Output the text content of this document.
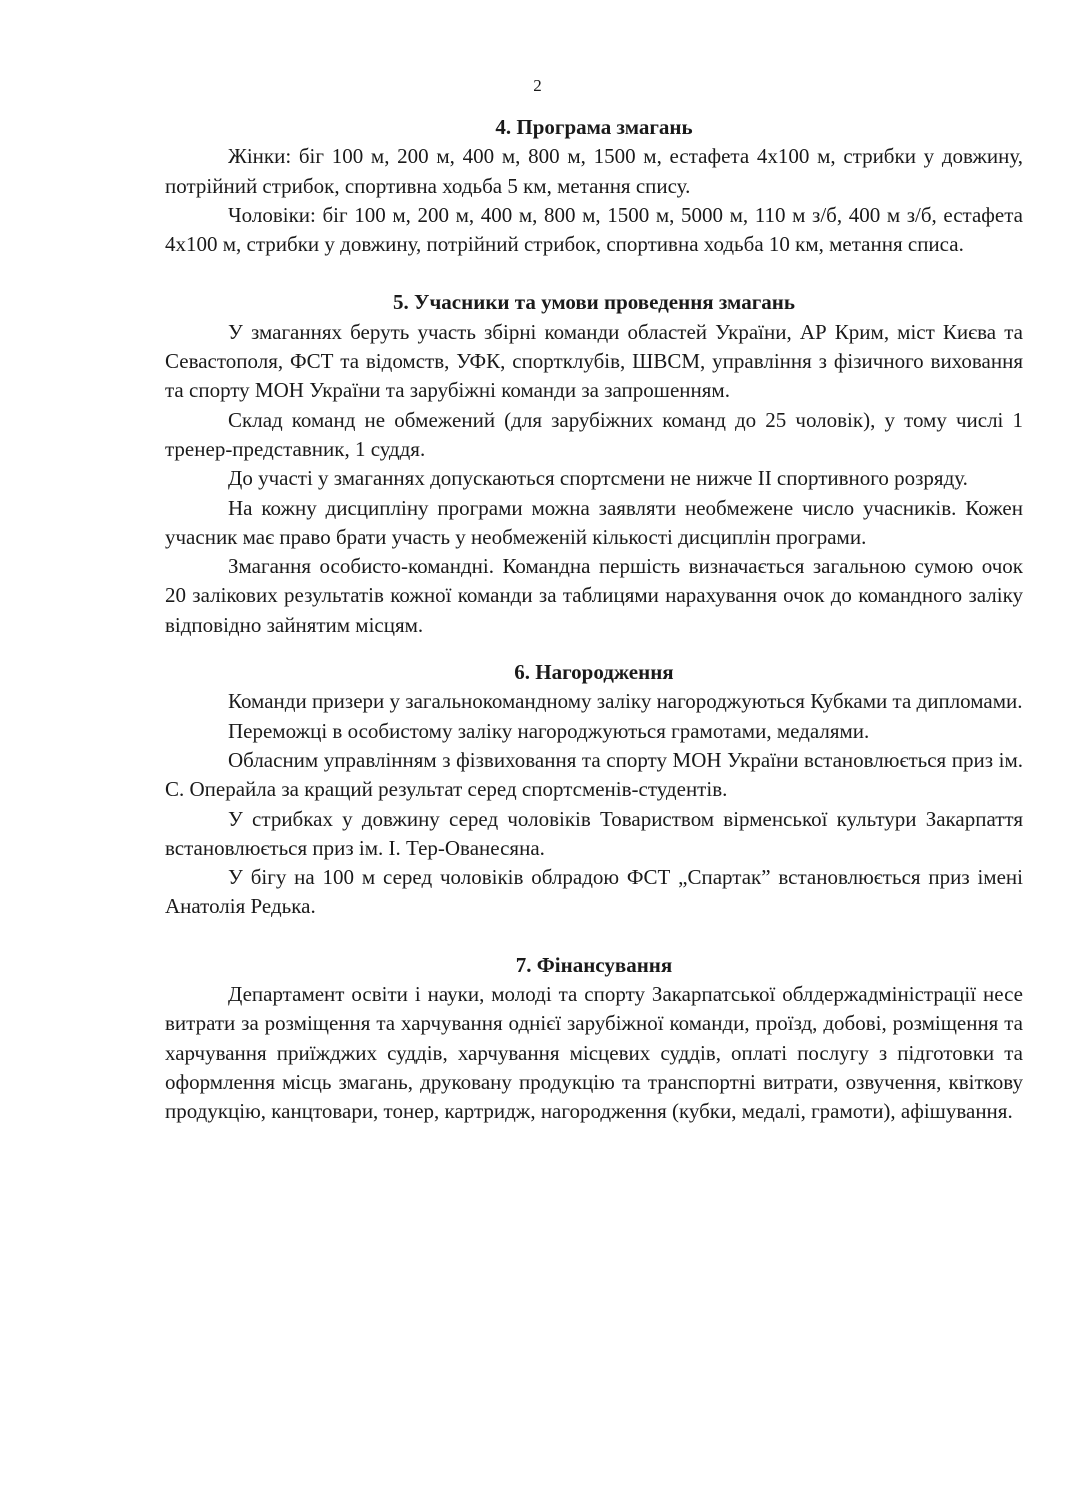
2
4. Програма змагань

Жінки: біг 100 м, 200 м, 400 м, 800 м, 1500 м, естафета 4х100 м, стрибки у довжину, потрійний стрибок, спортивна ходьба 5 км, метання спису.

Чоловіки: біг 100 м, 200 м, 400 м, 800 м, 1500 м, 5000 м, 110 м з/б, 400 м з/б, естафета 4х100 м, стрибки у довжину, потрійний стрибок, спортивна ходьба 10 км, метання списа.

5. Учасники та умови проведення змагань

У змаганнях беруть участь збірні команди областей України, АР Крим, міст Києва та Севастополя, ФСТ та відомств, УФК, спортклубів, ШВСМ, управління з фізичного виховання та спорту МОН України та зарубіжні команди за запрошенням.

Склад команд не обмежений (для зарубіжних команд до 25 чоловік), у тому числі 1 тренер-представник, 1 суддя.

До участі у змаганнях допускаються спортсмени не нижче ІІ спортивного розряду.

На кожну дисципліну програми можна заявляти необмежене число учасників. Кожен учасник має право брати участь у необмеженій кількості дисциплін програми.

Змагання особисто-командні. Командна першість визначається загальною сумою очок 20 залікових результатів кожної команди за таблицями нарахування очок до командного заліку відповідно зайнятим місцям.

6. Нагородження

Команди призери у загальнокомандному заліку нагороджуються Кубками та дипломами.

Переможці в особистому заліку нагороджуються грамотами, медалями.

Обласним управлінням з фізвиховання та спорту МОН України встановлюється приз ім. С. Операйла за кращий результат серед спортсменів-студентів.

У стрибках у довжину серед чоловіків Товариством вірменської культури Закарпаття встановлюється приз ім. І. Тер-Ованесяна.

У бігу на 100 м серед чоловіків облрадою ФСТ „Спартак” встановлюється приз імені Анатолія Редька.

7. Фінансування

Департамент освіти і науки, молоді та спорту Закарпатської облдержадміністрації несе витрати за розміщення та харчування однієї зарубіжної команди, проїзд, добові, розміщення та харчування приїжджих суддів, харчування місцевих суддів, оплаті послугу з підготовки та оформлення місць змагань, друковану продукцію та транспортні витрати, озвучення, квіткову продукцію, канцтовари, тонер, картридж, нагородження (кубки, медалі, грамоти), афішування.
